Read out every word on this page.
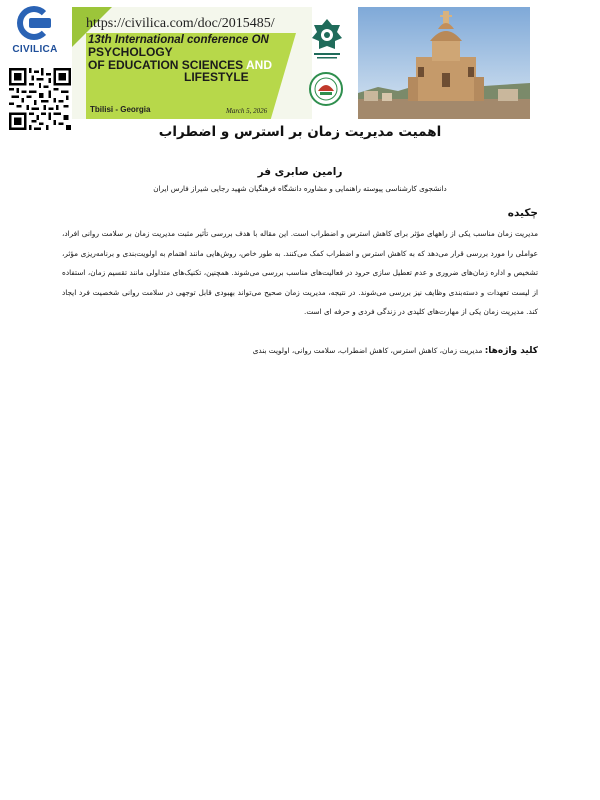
CIVILICA
https://civilica.com/doc/2015485/
13th International conference ON
PSYCHOLOGY
OF EDUCATION SCIENCES AND
LIFESTYLE
Tbilisi - Georgia	March 5, 2026
اهمیت مدیریت زمان بر استرس و اضطراب
رامین صابری فر
دانشجوی کارشناسی پیوسته راهنمایی و مشاوره دانشگاه فرهنگیان شهید رجایی شیراز فارس ایران
چکیده
مدیریت زمان مناسب یکی از راههای مؤثر برای کاهش استرس و اضطراب است. این مقاله با هدف بررسی تأثیر مثبت مدیریت زمان بر سلامت روانی افراد، عواملی را مورد بررسی قرار می‌دهد که به کاهش استرس و اضطراب کمک می‌کنند. به طور خاص، روش‌هایی مانند اهتمام به اولویت‌بندی و برنامه‌ریزی مؤثر، تشخیص و اداره زمان‌های ضروری و عدم تعطیل سازی حرود در فعالیت‌های مناسب بررسی می‌شوند. همچنین، تکنیک‌های متداولی مانند تقسیم زمان، استفاده از لیست تعهدات و دسته‌بندی وظایف نیز بررسی می‌شوند. در نتیجه، مدیریت زمان صحیح می‌تواند بهبودی قابل توجهی در سلامت روانی شخصیت فرد ایجاد کند. مدیریت زمان یکی از مهارت‌های کلیدی در زندگی فردی و حرفه ای است.
کلید واژه‌ها: مدیریت زمان، کاهش استرس، کاهش اضطراب، سلامت روانی، اولویت بندی
